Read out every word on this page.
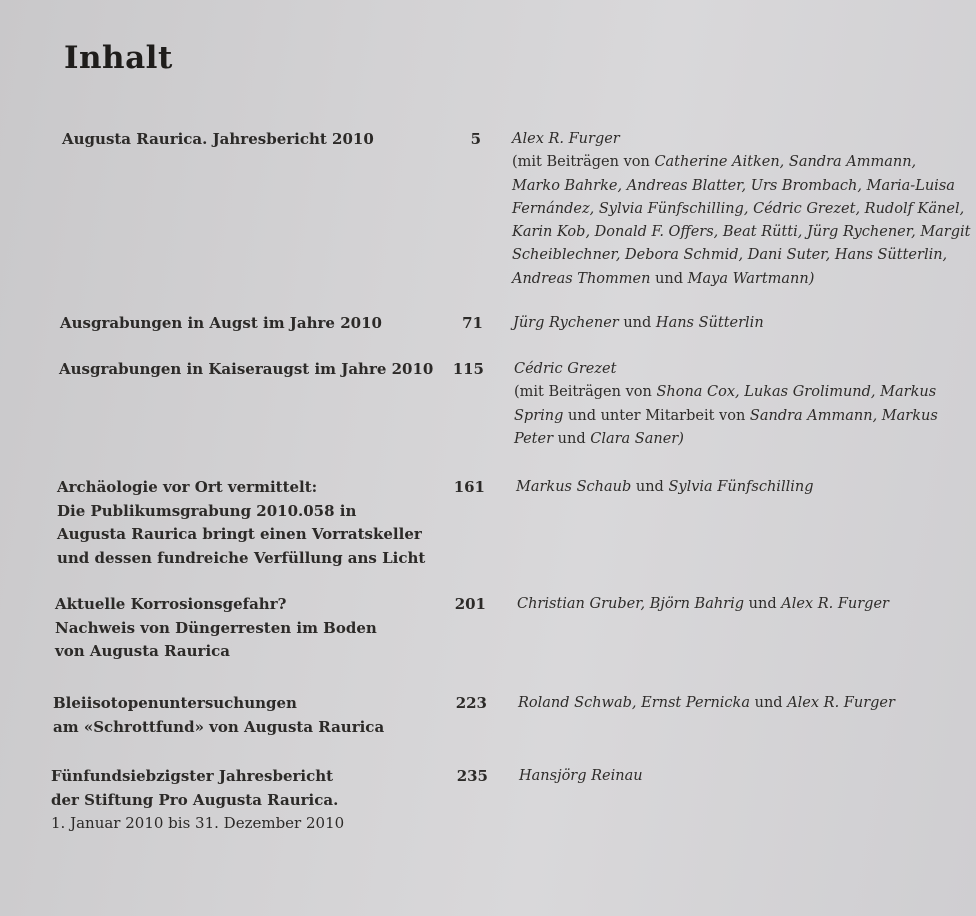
Inhalt
Augusta Raurica. Jahresbericht 2010	5 Alex R. Furger
(mit Beiträgen von Catherine Aitken, Sandra Ammann,
Marko Bahrke, Andreas Blatter, Urs Brombach, Maria-Luisa
Fernández, Sylvia Fünfschilling, Cédric Grezet, Rudolf Känel,
Karin Kob, Donald F. Offers, Beat Rütti, Jürg Rychener, Margit
Scheiblechner, Debora Schmid, Dani Suter, Hans Sütterlin,
Andreas Thommen und Maya Wartmann)
Ausgrabungen in Augst im Jahre 2010	71 Jürg Rychener und Hans Sütterlin
Ausgrabungen in Kaiseraugst im Jahre 2010	115 Cédric Grezet
(mit Beiträgen von Shona Cox, Lukas Grolimund, Markus
Spring und unter Mitarbeit von Sandra Ammann, Markus
Peter und Clara Saner)
Archäologie vor Ort vermittelt:
Die Publikumsgrabung 2010.058 in
Augusta Raurica bringt einen Vorratskeller
und dessen fundreiche Verfüllung ans Licht
161 Markus Schaub und Sylvia Fünfschilling
Aktuelle Korrosionsgefahr?
Nachweis von Düngerresten im Boden
von Augusta Raurica
201 Christian Gruber, Björn Bahrig und Alex R. Furger
Bleiisotopenuntersuchungen
am «Schrottfund» von Augusta Raurica
223 Roland Schwab, Ernst Pernicka und Alex R. Furger
Fünfundsiebzigster Jahresbericht
der Stiftung Pro Augusta Raurica.
1. Januar 2010 bis 31. Dezember 2010
235 Hansjörg Reinau
